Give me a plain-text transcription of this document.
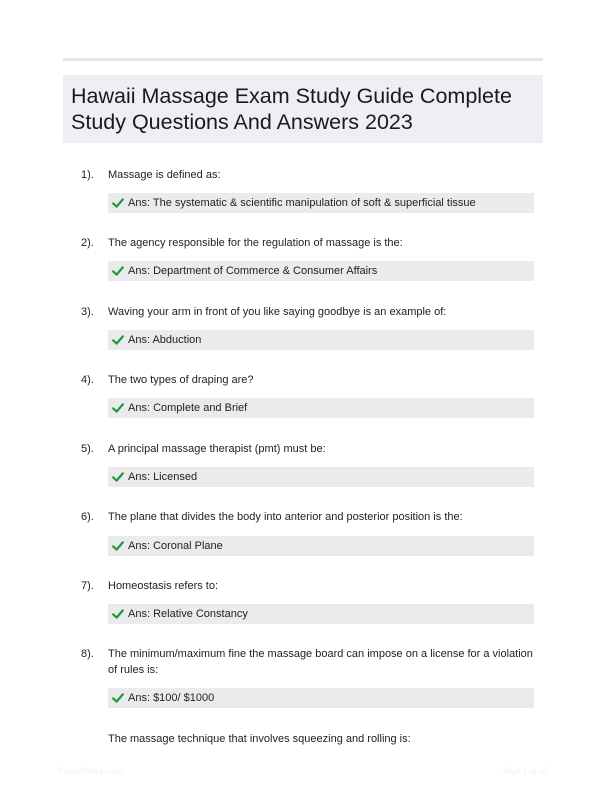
Hawaii Massage Exam Study Guide Complete Study Questions And Answers 2023
1). Massage is defined as:
Ans: The systematic & scientific manipulation of soft & superficial tissue
2). The agency responsible for the regulation of massage is the:
Ans: Department of Commerce & Consumer Affairs
3). Waving your arm in front of you like saying goodbye is an example of:
Ans: Abduction
4). The two types of draping are?
Ans: Complete and Brief
5). A principal massage therapist (pmt) must be:
Ans: Licensed
6). The plane that divides the body into anterior and posterior position is the:
Ans: Coronal Plane
7). Homeostasis refers to:
Ans: Relative Constancy
8). The minimum/maximum fine the massage board can impose on a license for a violation of rules is:
Ans: $100/ $1000
The massage technique that involves squeezing and rolling is:
PaperStore.com	Page 1 of 46
